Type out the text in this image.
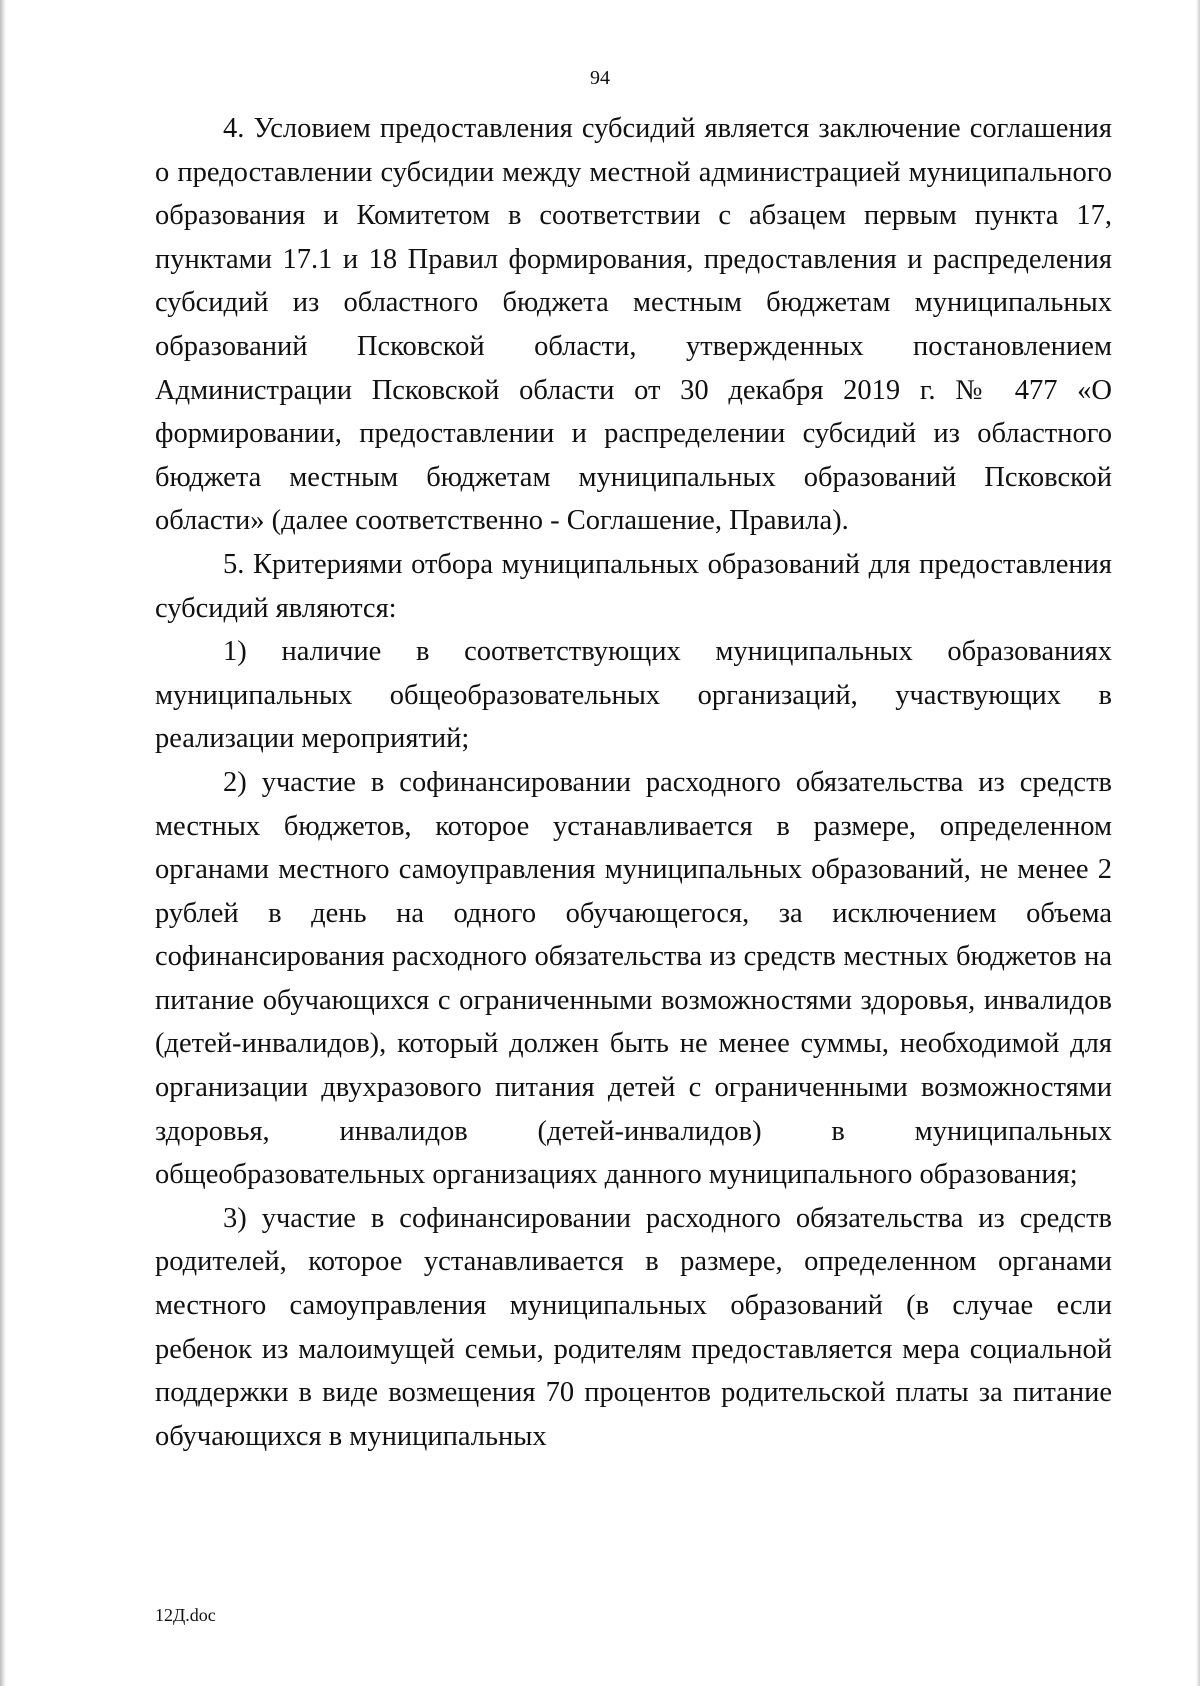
94

4. Условием предоставления субсидий является заключение соглашения о предоставлении субсидии между местной администрацией муниципального образования и Комитетом в соответствии с абзацем первым пункта 17, пунктами 17.1 и 18 Правил формирования, предоставления и распределения субсидий из областного бюджета местным бюджетам муниципальных образований Псковской области, утвержденных постановлением Администрации Псковской области от 30 декабря 2019 г. № 477 «О формировании, предоставлении и распределении субсидий из областного бюджета местным бюджетам муниципальных образований Псковской области» (далее соответственно - Соглашение, Правила).

5. Критериями отбора муниципальных образований для предоставления субсидий являются:

1) наличие в соответствующих муниципальных образованиях муниципальных общеобразовательных организаций, участвующих в реализации мероприятий;

2) участие в софинансировании расходного обязательства из средств местных бюджетов, которое устанавливается в размере, определенном органами местного самоуправления муниципальных образований, не менее 2 рублей в день на одного обучающегося, за исключением объема софинансирования расходного обязательства из средств местных бюджетов на питание обучающихся с ограниченными возможностями здоровья, инвалидов (детей-инвалидов), который должен быть не менее суммы, необходимой для организации двухразового питания детей с ограниченными возможностями здоровья, инвалидов (детей-инвалидов) в муниципальных общеобразовательных организациях данного муниципального образования;

3) участие в софинансировании расходного обязательства из средств родителей, которое устанавливается в размере, определенном органами местного самоуправления муниципальных образований (в случае если ребенок из малоимущей семьи, родителям предоставляется мера социальной поддержки в виде возмещения 70 процентов родительской платы за питание обучающихся в муниципальных

12Д.doc
